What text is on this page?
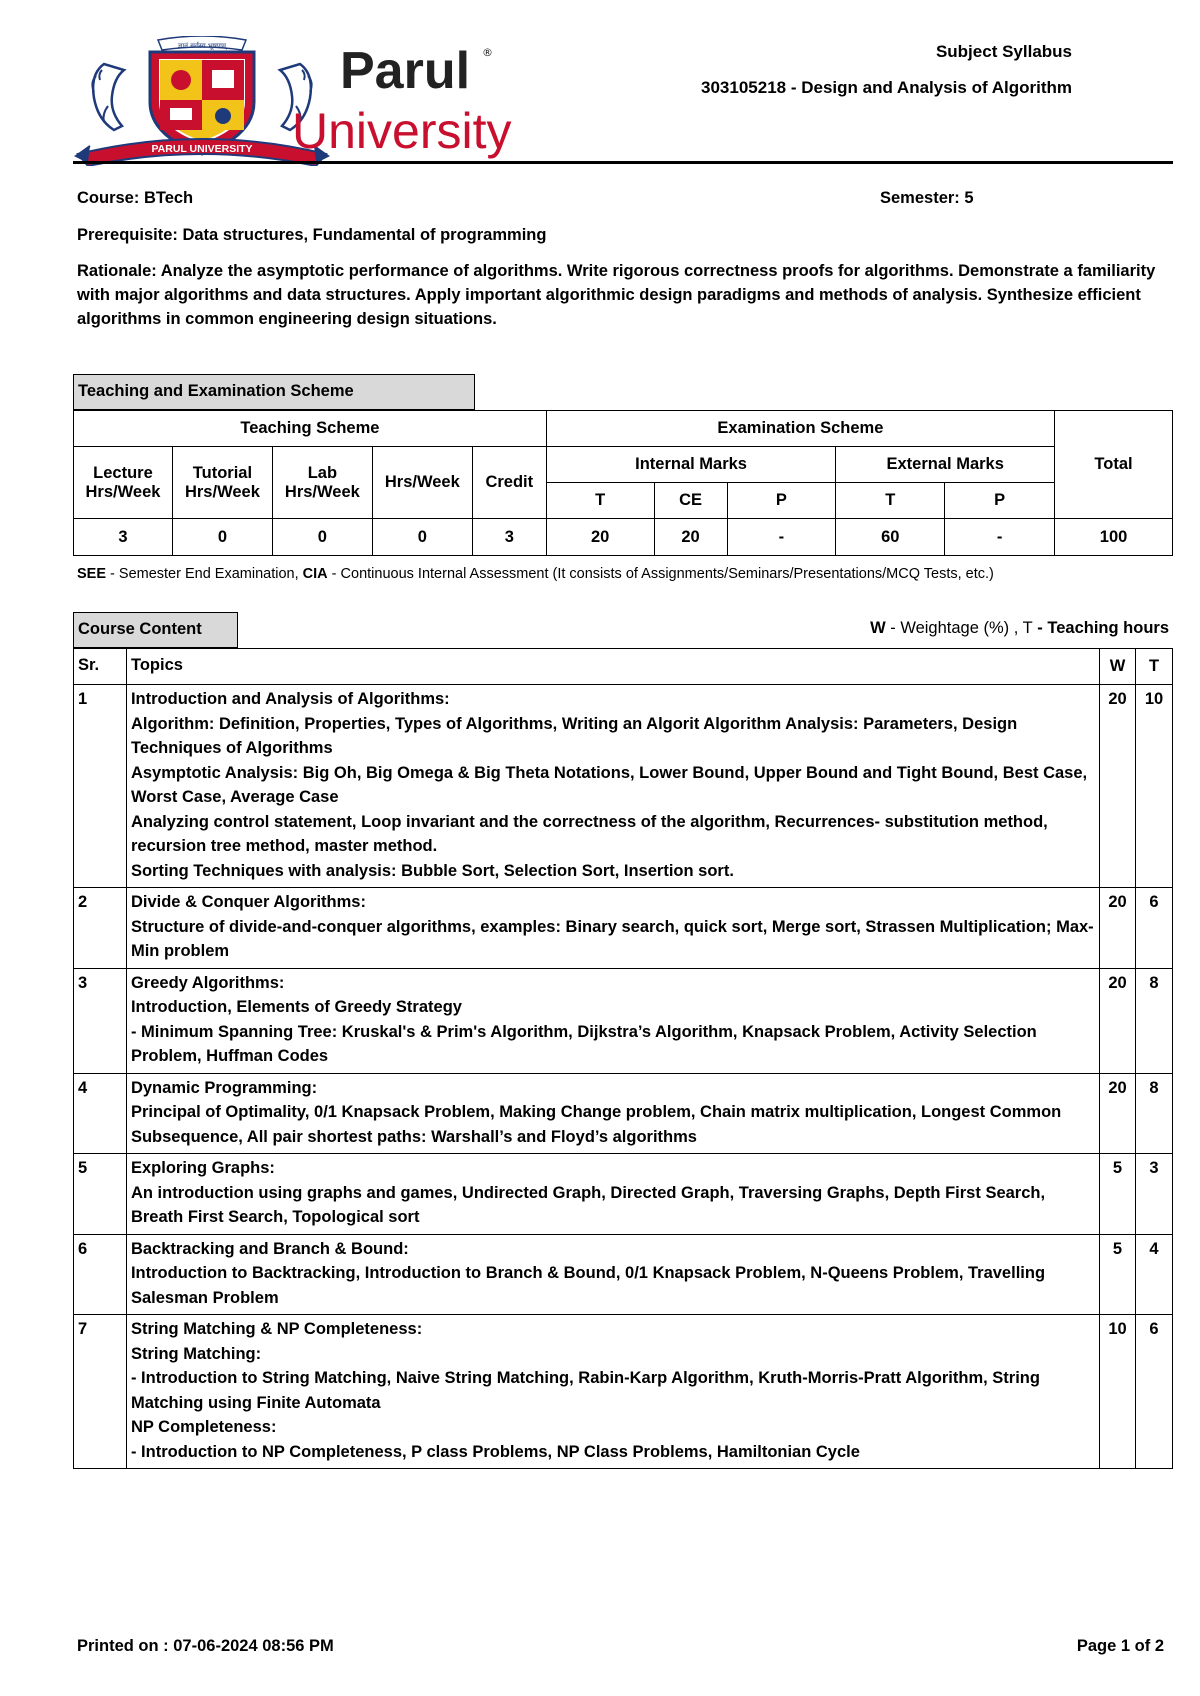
ज्ञानं सर्वस्य भूषणम्
PARUL UNIVERSITY
Parul ®
University
Subject Syllabus
303105218 - Design and Analysis of Algorithm
Course: BTech	Semester: 5
Prerequisite: Data structures, Fundamental of programming
Rationale: Analyze the asymptotic performance of algorithms. Write rigorous correctness proofs for algorithms. Demonstrate a familiarity with major algorithms and data structures. Apply important algorithmic design paradigms and methods of analysis. Synthesize efficient algorithms in common engineering design situations.
Teaching and Examination Scheme
Teaching Scheme					Examination Scheme					Total
Lecture Hrs/Week	Tutorial Hrs/Week	Lab Hrs/Week	Hrs/Week	Credit	Internal Marks			External Marks		
					T	CE	P	T	P	
3	0	0	0	3	20	20	-	60	-	100
SEE - Semester End Examination, CIA - Continuous Internal Assessment (It consists of Assignments/Seminars/Presentations/MCQ Tests, etc.)
Course Content	W - Weightage (%) , T - Teaching hours
Sr.	Topics	W	T
1	Introduction and Analysis of Algorithms:
Algorithm: Definition, Properties, Types of Algorithms, Writing an Algorit Algorithm Analysis: Parameters, Design Techniques of Algorithms
Asymptotic Analysis: Big Oh, Big Omega & Big Theta Notations, Lower Bound, Upper Bound and Tight Bound, Best Case, Worst Case, Average Case
Analyzing control statement, Loop invariant and the correctness of the algorithm, Recurrences- substitution method, recursion tree method, master method.
Sorting Techniques with analysis: Bubble Sort, Selection Sort, Insertion sort.	20	10
2	Divide & Conquer Algorithms:
Structure of divide-and-conquer algorithms, examples: Binary search, quick sort, Merge sort, Strassen Multiplication; Max-Min problem	20	6
3	Greedy Algorithms:
Introduction, Elements of Greedy Strategy
- Minimum Spanning Tree: Kruskal's & Prim's Algorithm, Dijkstra’s Algorithm, Knapsack Problem, Activity Selection Problem, Huffman Codes	20	8
4	Dynamic Programming:
Principal of Optimality, 0/1 Knapsack Problem, Making Change problem, Chain matrix multiplication, Longest Common Subsequence, All pair shortest paths: Warshall’s and Floyd’s algorithms	20	8
5	Exploring Graphs:
An introduction using graphs and games, Undirected Graph, Directed Graph, Traversing Graphs, Depth First Search, Breath First Search, Topological sort	5	3
6	Backtracking and Branch & Bound:
Introduction to Backtracking, Introduction to Branch & Bound, 0/1 Knapsack Problem, N-Queens Problem, Travelling Salesman Problem	5	4
7	String Matching & NP Completeness:
String Matching:
- Introduction to String Matching, Naive String Matching, Rabin-Karp Algorithm, Kruth-Morris-Pratt Algorithm, String Matching using Finite Automata
NP Completeness:
- Introduction to NP Completeness, P class Problems, NP Class Problems, Hamiltonian Cycle	10	6
Printed on : 07-06-2024 08:56 PM	Page 1 of 2
